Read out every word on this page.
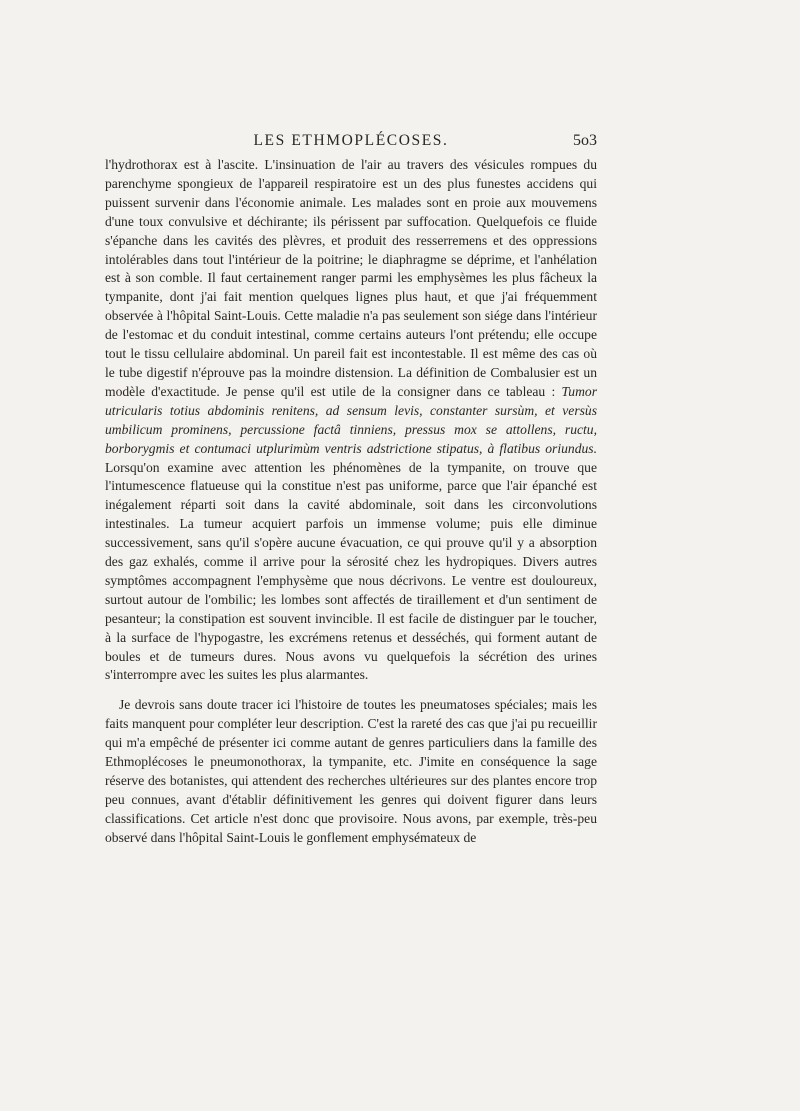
LES ETHMOPLÉCOSES.	5o3

l'hydrothorax est à l'ascite. L'insinuation de l'air au travers des vésicules rompues du parenchyme spongieux de l'appareil respiratoire est un des plus funestes accidens qui puissent survenir dans l'économie animale. Les malades sont en proie aux mouvemens d'une toux convulsive et déchirante; ils périssent par suffocation. Quelquefois ce fluide s'épanche dans les cavités des plèvres, et produit des resserremens et des oppressions intolérables dans tout l'intérieur de la poitrine; le diaphragme se déprime, et l'anhélation est à son comble. Il faut certainement ranger parmi les emphysèmes les plus fâcheux la tympanite, dont j'ai fait mention quelques lignes plus haut, et que j'ai fréquemment observée à l'hôpital Saint-Louis. Cette maladie n'a pas seulement son siége dans l'intérieur de l'estomac et du conduit intestinal, comme certains auteurs l'ont prétendu; elle occupe tout le tissu cellulaire abdominal. Un pareil fait est incontestable. Il est même des cas où le tube digestif n'éprouve pas la moindre distension. La définition de Combalusier est un modèle d'exactitude. Je pense qu'il est utile de la consigner dans ce tableau : Tumor utricularis totius abdominis renitens, ad sensum levis, constanter sursùm, et versùs umbilicum prominens, percussione factâ tinniens, pressus mox se attollens, ructu, borborygmis et contumaci utplurimùm ventris adstrictione stipatus, à flatibus oriundus. Lorsqu'on examine avec attention les phénomènes de la tympanite, on trouve que l'intumescence flatueuse qui la constitue n'est pas uniforme, parce que l'air épanché est inégalement réparti soit dans la cavité abdominale, soit dans les circonvolutions intestinales. La tumeur acquiert parfois un immense volume; puis elle diminue successivement, sans qu'il s'opère aucune évacuation, ce qui prouve qu'il y a absorption des gaz exhalés, comme il arrive pour la sérosité chez les hydropiques. Divers autres symptômes accompagnent l'emphysème que nous décrivons. Le ventre est douloureux, surtout autour de l'ombilic; les lombes sont affectés de tiraillement et d'un sentiment de pesanteur; la constipation est souvent invincible. Il est facile de distinguer par le toucher, à la surface de l'hypogastre, les excrémens retenus et desséchés, qui forment autant de boules et de tumeurs dures. Nous avons vu quelquefois la sécrétion des urines s'interrompre avec les suites les plus alarmantes.

Je devrois sans doute tracer ici l'histoire de toutes les pneumatoses spéciales; mais les faits manquent pour compléter leur description. C'est la rareté des cas que j'ai pu recueillir qui m'a empêché de présenter ici comme autant de genres particuliers dans la famille des Ethmoplécoses le pneumonothorax, la tympanite, etc. J'imite en conséquence la sage réserve des botanistes, qui attendent des recherches ultérieures sur des plantes encore trop peu connues, avant d'établir définitivement les genres qui doivent figurer dans leurs classifications. Cet article n'est donc que provisoire. Nous avons, par exemple, très-peu observé dans l'hôpital Saint-Louis le gonflement emphysémateux de
